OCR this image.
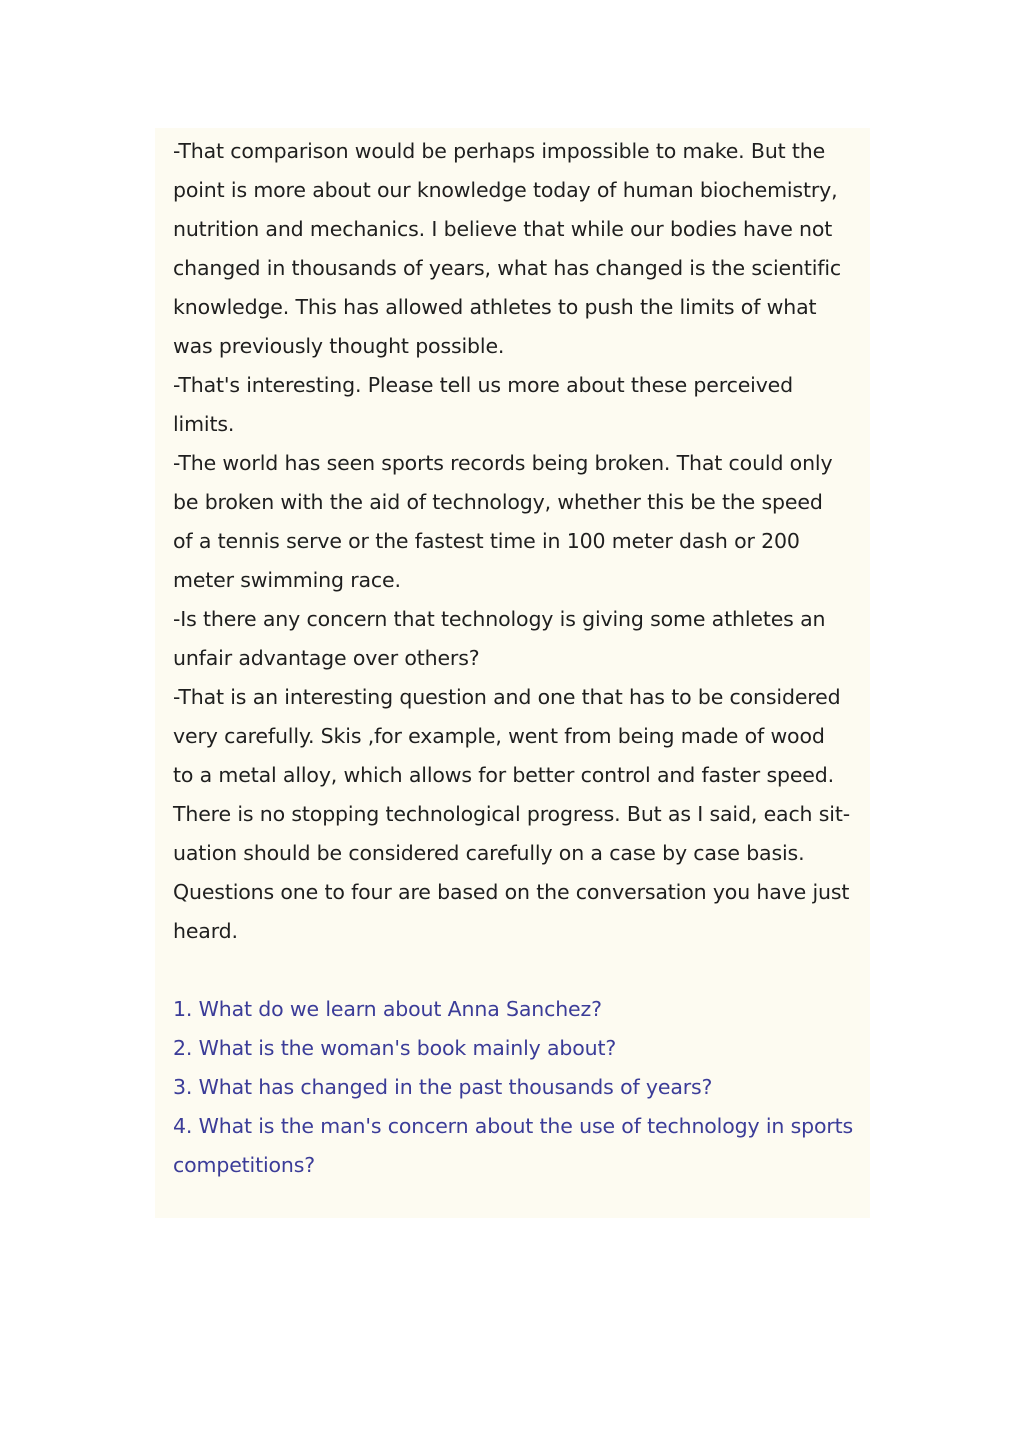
-That comparison would be perhaps impossible to make. But the
point is more about our knowledge today of human biochemistry,
nutrition and mechanics. I believe that while our bodies have not
changed in thousands of years, what has changed is the scientific
knowledge. This has allowed athletes to push the limits of what
was previously thought possible.
-That's interesting. Please tell us more about these perceived
limits.
-The world has seen sports records being broken. That could only
be broken with the aid of technology, whether this be the speed
of a tennis serve or the fastest time in 100 meter dash or 200
meter swimming race.
-Is there any concern that technology is giving some athletes an
unfair advantage over others?
-That is an interesting question and one that has to be considered
very carefully. Skis ,for example, went from being made of wood
to a metal alloy, which allows for better control and faster speed.
There is no stopping technological progress. But as I said, each sit-
uation should be considered carefully on a case by case basis.
Questions one to four are based on the conversation you have just
heard.
1. What do we learn about Anna Sanchez?
2. What is the woman's book mainly about?
3. What has changed in the past thousands of years?
4. What is the man's concern about the use of technology in sports
competitions?
